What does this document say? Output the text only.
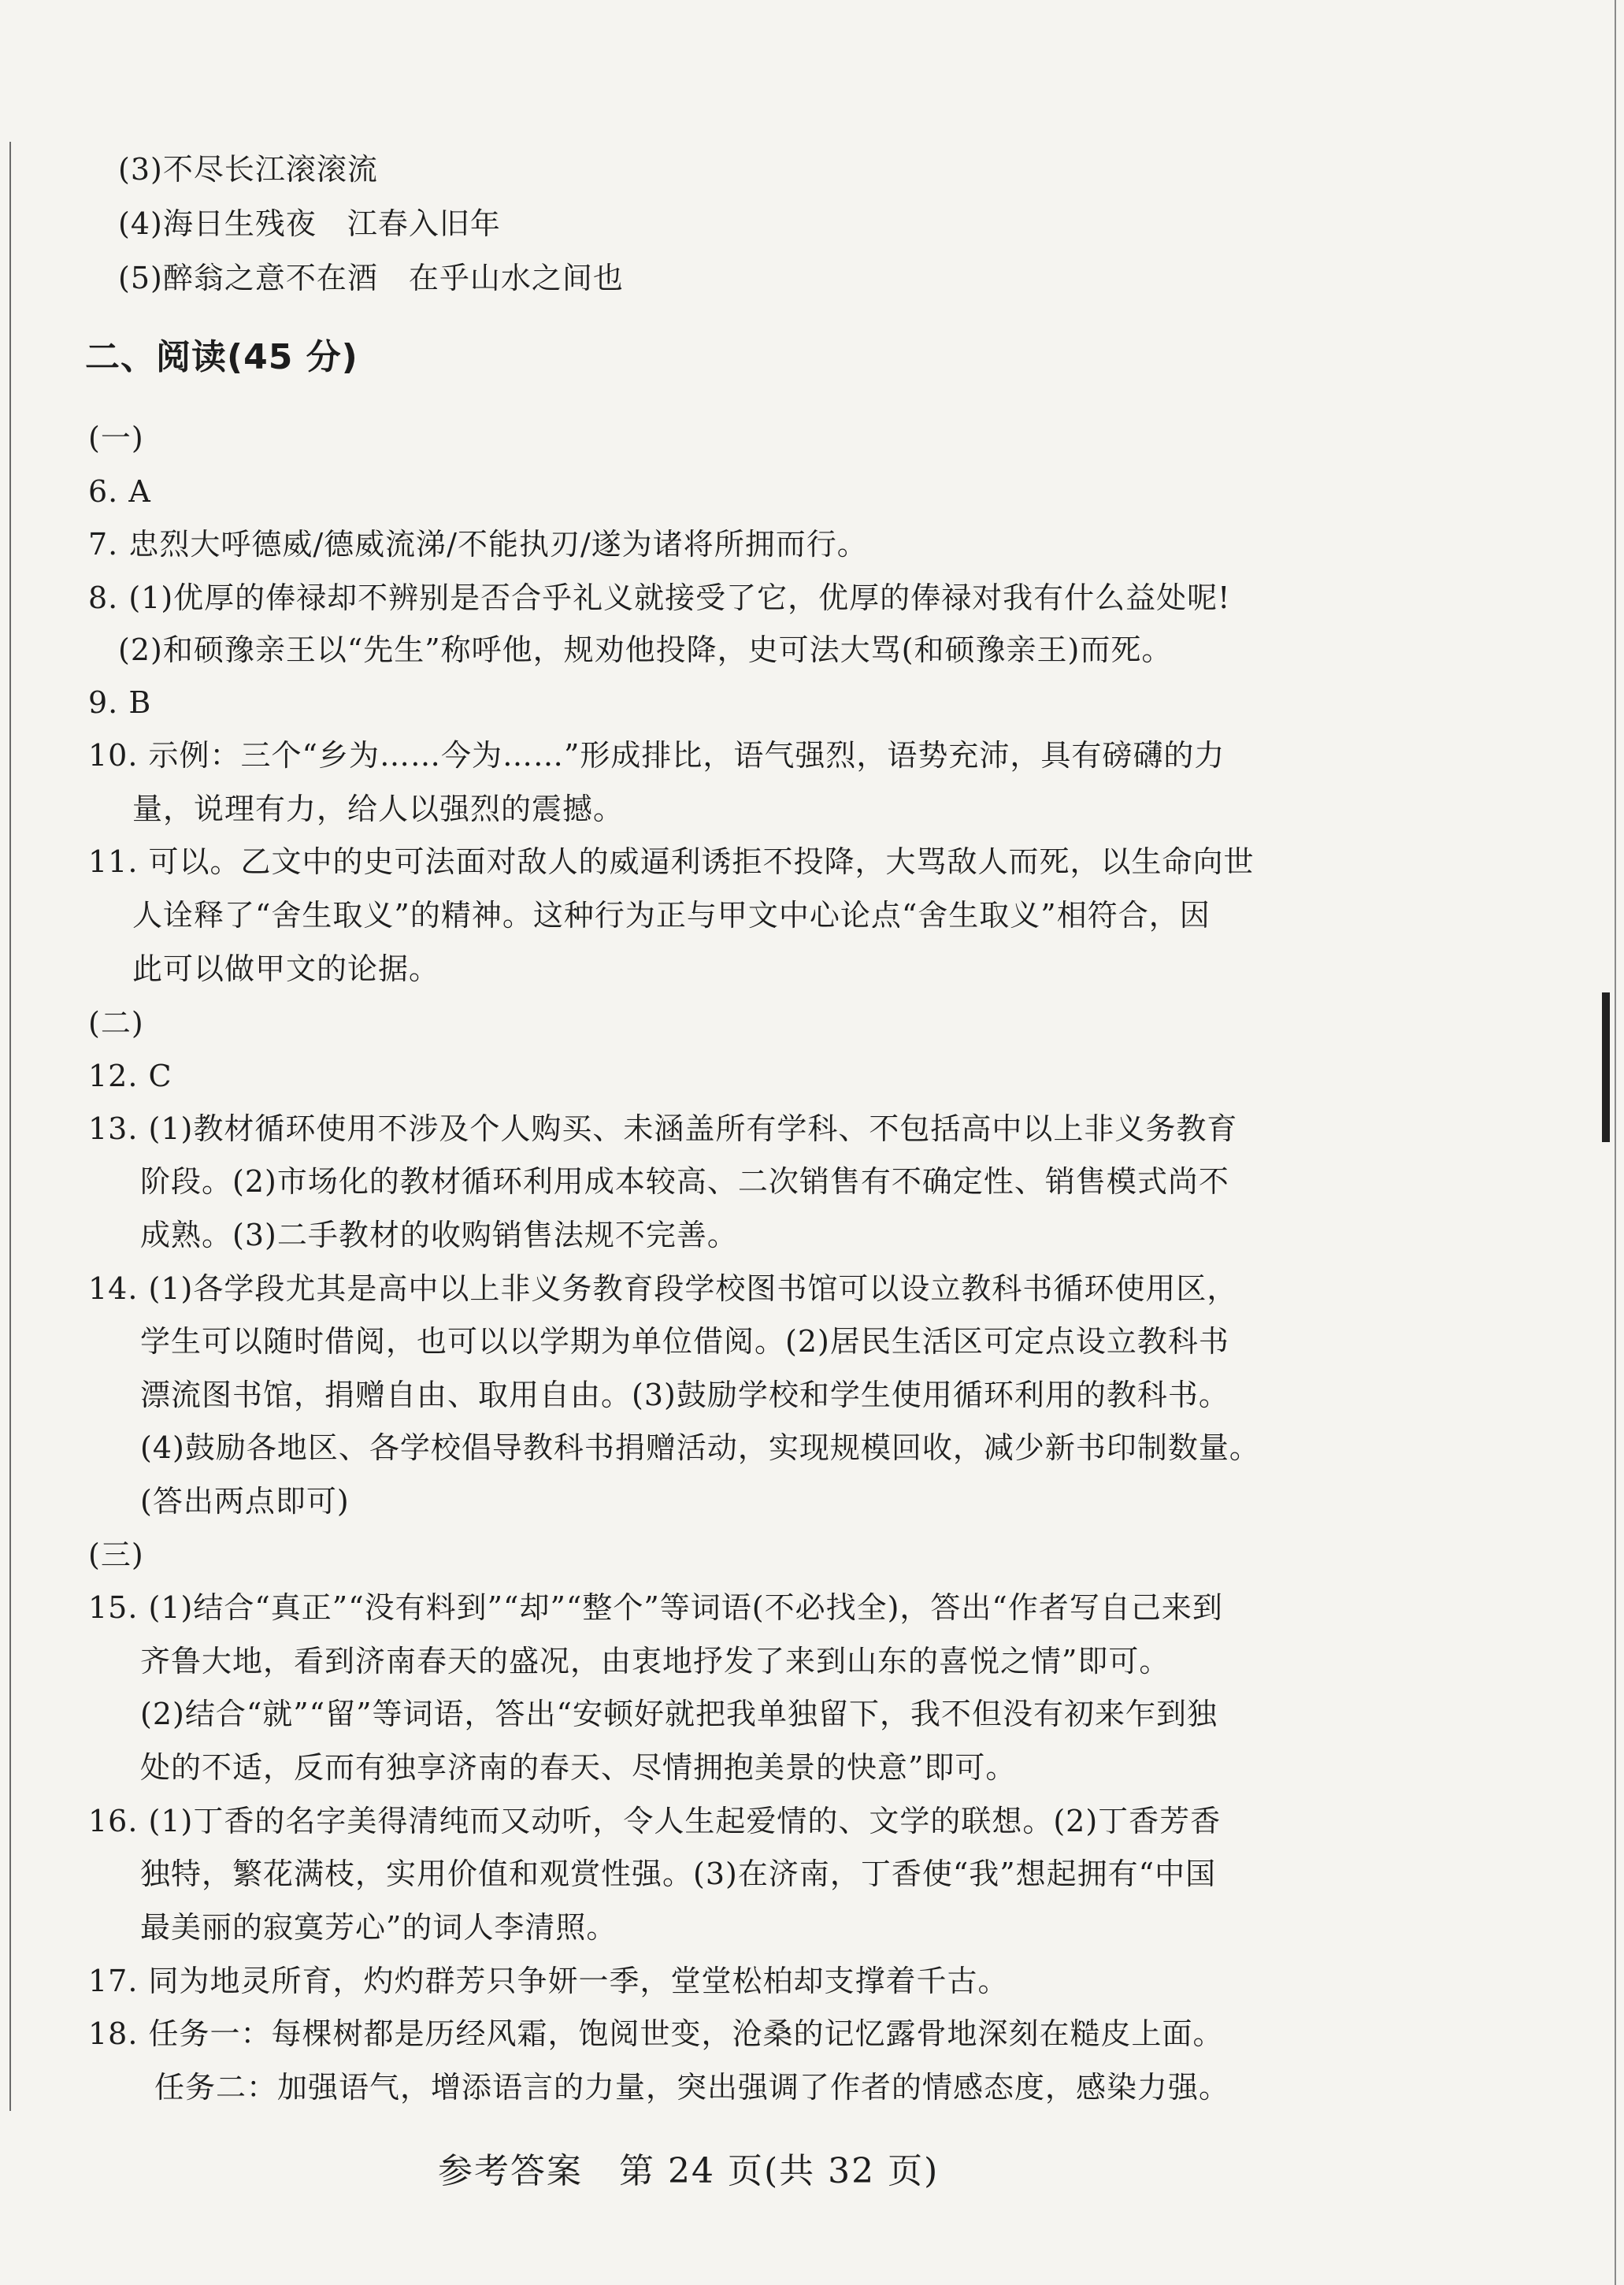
(3)不尽长江滚滚流
(4)海日生残夜　江春入旧年
(5)醉翁之意不在酒　在乎山水之间也
二、阅读(45 分)
(一)
6. A
7. 忠烈大呼德威/德威流涕/不能执刃/遂为诸将所拥而行。
8. (1)优厚的俸禄却不辨别是否合乎礼义就接受了它，优厚的俸禄对我有什么益处呢!
(2)和硕豫亲王以“先生”称呼他，规劝他投降，史可法大骂(和硕豫亲王)而死。
9. B
10. 示例：三个“乡为……今为……”形成排比，语气强烈，语势充沛，具有磅礴的力
量，说理有力，给人以强烈的震撼。
11. 可以。乙文中的史可法面对敌人的威逼利诱拒不投降，大骂敌人而死，以生命向世
人诠释了“舍生取义”的精神。这种行为正与甲文中心论点“舍生取义”相符合，因
此可以做甲文的论据。
(二)
12. C
13. (1)教材循环使用不涉及个人购买、未涵盖所有学科、不包括高中以上非义务教育
阶段。(2)市场化的教材循环利用成本较高、二次销售有不确定性、销售模式尚不
成熟。(3)二手教材的收购销售法规不完善。
14. (1)各学段尤其是高中以上非义务教育段学校图书馆可以设立教科书循环使用区，
学生可以随时借阅，也可以以学期为单位借阅。(2)居民生活区可定点设立教科书
漂流图书馆，捐赠自由、取用自由。(3)鼓励学校和学生使用循环利用的教科书。
(4)鼓励各地区、各学校倡导教科书捐赠活动，实现规模回收，减少新书印制数量。
(答出两点即可)
(三)
15. (1)结合“真正”“没有料到”“却”“整个”等词语(不必找全)，答出“作者写自己来到
齐鲁大地，看到济南春天的盛况，由衷地抒发了来到山东的喜悦之情”即可。
(2)结合“就”“留”等词语，答出“安顿好就把我单独留下，我不但没有初来乍到独
处的不适，反而有独享济南的春天、尽情拥抱美景的快意”即可。
16. (1)丁香的名字美得清纯而又动听，令人生起爱情的、文学的联想。(2)丁香芳香
独特，繁花满枝，实用价值和观赏性强。(3)在济南，丁香使“我”想起拥有“中国
最美丽的寂寞芳心”的词人李清照。
17. 同为地灵所育，灼灼群芳只争妍一季，堂堂松柏却支撑着千古。
18. 任务一：每棵树都是历经风霜，饱阅世变，沧桑的记忆露骨地深刻在糙皮上面。
任务二：加强语气，增添语言的力量，突出强调了作者的情感态度，感染力强。
参考答案　第 24 页(共 32 页)
